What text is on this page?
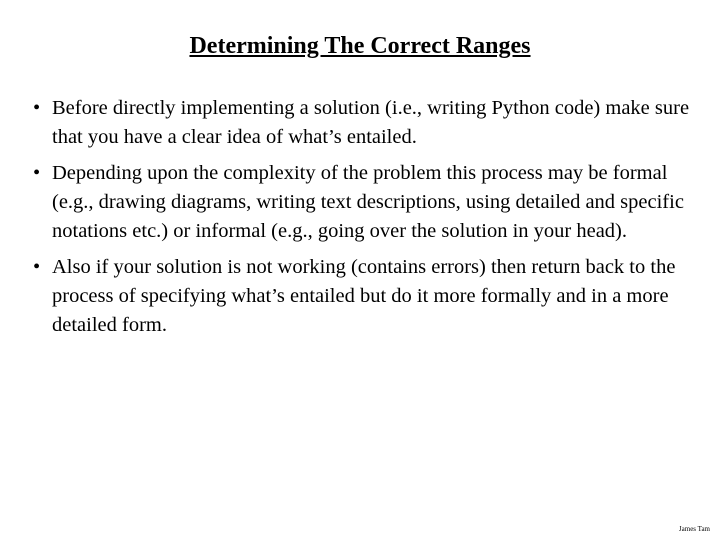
Determining The Correct Ranges
• Before directly implementing a solution (i.e., writing Python code) make sure that you have a clear idea of what’s entailed.
• Depending upon the complexity of the problem this process may be formal (e.g., drawing diagrams, writing text descriptions, using detailed and specific notations etc.) or informal (e.g., going over the solution in your head).
• Also if your solution is not working (contains errors) then return back to the process of specifying what’s entailed but do it more formally and in a more detailed form.
James Tam
